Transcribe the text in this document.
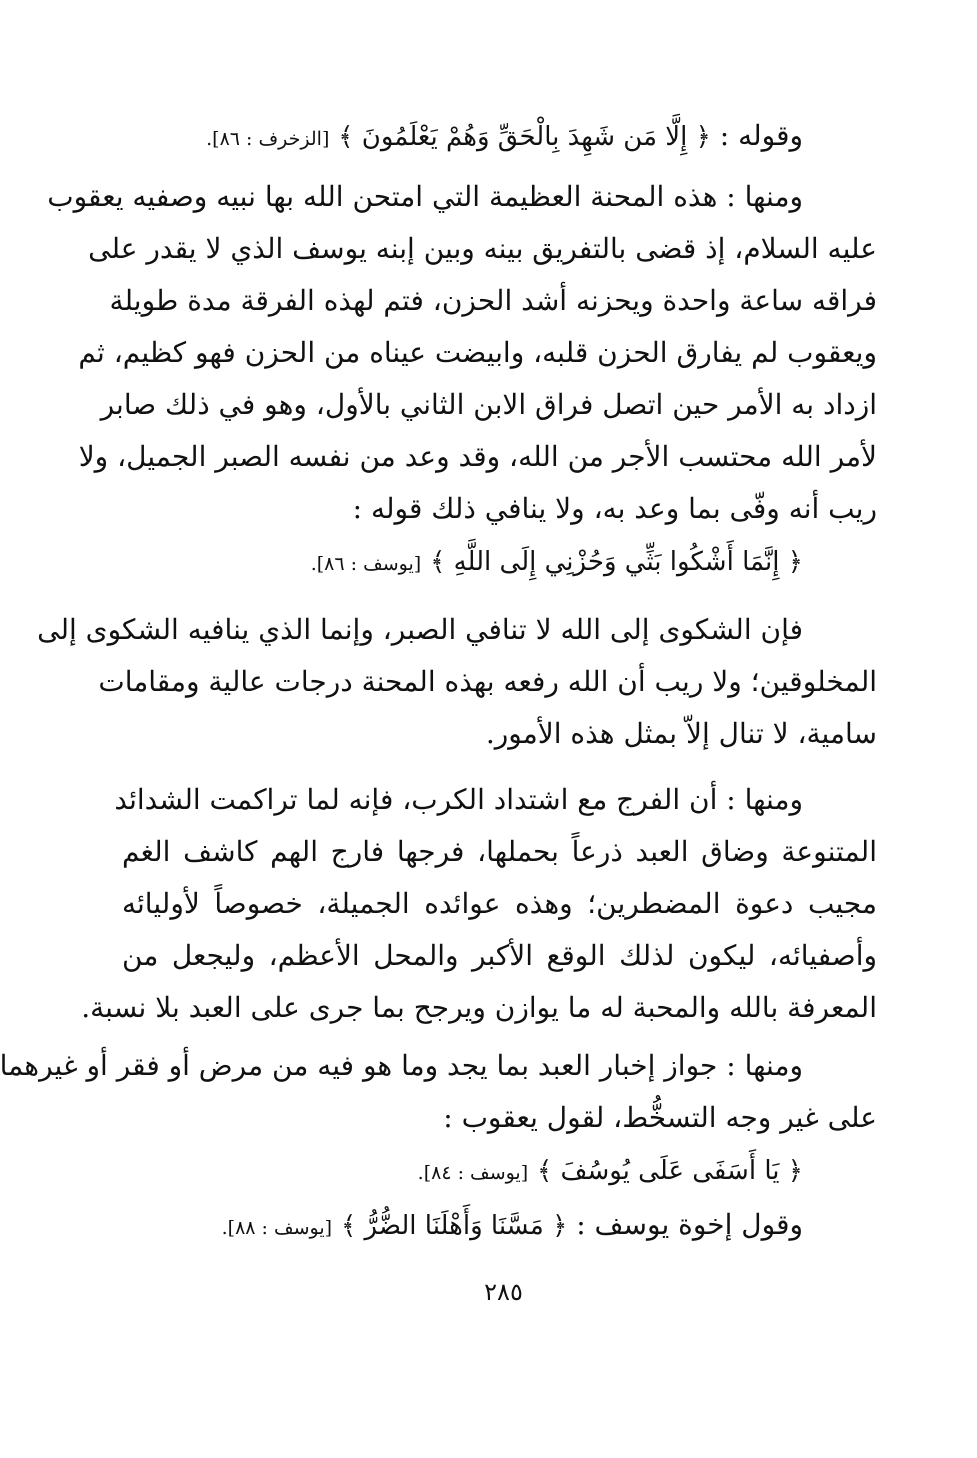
وقوله : ﴿ إِلَّا مَن شَهِدَ بِالْحَقِّ وَهُمْ يَعْلَمُونَ ﴾ [الزخرف : ٨٦].
ومنها : هذه المحنة العظيمة التي امتحن الله بها نبيه وصفيه يعقوب
عليه السلام، إذ قضى بالتفريق بينه وبين إبنه يوسف الذي لا يقدر على
فراقه ساعة واحدة ويحزنه أشد الحزن، فتم لهذه الفرقة مدة طويلة
ويعقوب لم يفارق الحزن قلبه، وابيضت عيناه من الحزن فهو كظيم، ثم
ازداد به الأمر حين اتصل فراق الابن الثاني بالأول، وهو في ذلك صابر
لأمر الله محتسب الأجر من الله، وقد وعد من نفسه الصبر الجميل، ولا
ريب أنه وفّى بما وعد به، ولا ينافي ذلك قوله :
﴿ إِنَّمَا أَشْكُوا بَثِّي وَحُزْنِي إِلَى اللَّهِ ﴾ [يوسف : ٨٦].
فإن الشكوى إلى الله لا تنافي الصبر، وإنما الذي ينافيه الشكوى إلى
المخلوقين؛ ولا ريب أن الله رفعه بهذه المحنة درجات عالية ومقامات
سامية، لا تنال إلاّ بمثل هذه الأمور.
ومنها : أن الفرج مع اشتداد الكرب، فإنه لما تراكمت الشدائد
المتنوعة وضاق العبد ذرعاً بحملها، فرجها فارج الهم كاشف الغم
مجيب دعوة المضطرين؛ وهذه عوائده الجميلة، خصوصاً لأوليائه
وأصفيائه، ليكون لذلك الوقع الأكبر والمحل الأعظم، وليجعل من
المعرفة بالله والمحبة له ما يوازن ويرجح بما جرى على العبد بلا نسبة.
ومنها : جواز إخبار العبد بما يجد وما هو فيه من مرض أو فقر أو غيرهما
على غير وجه التسخُّط، لقول يعقوب :
﴿ يَا أَسَفَى عَلَى يُوسُفَ ﴾ [يوسف : ٨٤].
وقول إخوة يوسف : ﴿ مَسَّنَا وَأَهْلَنَا الضُّرُّ ﴾ [يوسف : ٨٨].
٢٨٥
